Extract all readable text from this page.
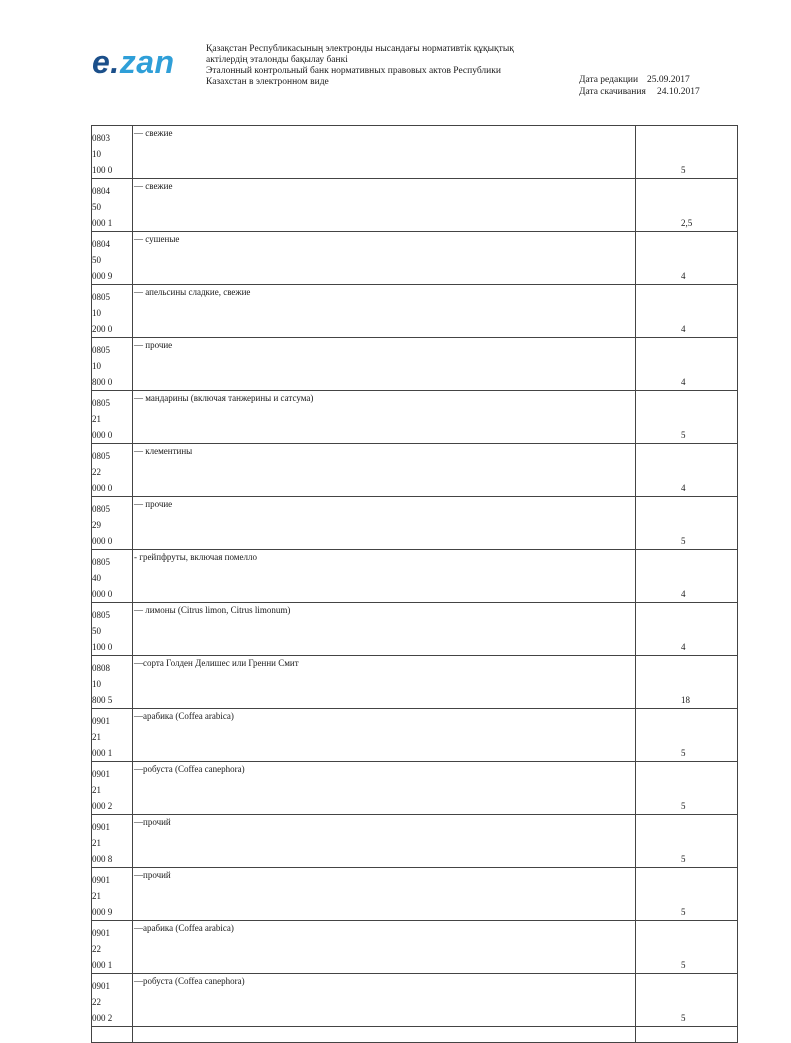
e.zan	Қазақстан Республикасының электронды нысандағы нормативтік құқықтық
актілердің эталонды бақылау банкі
Эталонный контрольный банк нормативных правовых актов Республики
Казахстан в электронном виде	Дата редакции 25.09.2017
Дата скачивания 24.10.2017
0803
10
100 0	— свежие	5

0804
50
000 1	— свежие	2,5

0804
50
000 9	— сушеные	4

0805
10
200 0	— апельсины сладкие, свежие	4

0805
10
800 0	— прочие	4

0805
21
000 0	— мандарины (включая танжерины и сатсума)	5

0805
22
000 0	— клементины	4

0805
29
000 0	— прочие	5

0805
40
000 0	- грейпфруты, включая помелло	4

0805
50
100 0	— лимоны (Citrus limon, Citrus limonum)	4

0808
10
800 5	—сорта Голден Делишес или Гренни Смит	18

0901
21
000 1	—арабика (Coffea arabica)	5

0901
21
000 2	—робуста (Coffea canephora)	5

0901
21
000 8	—прочий	5

0901
21
000 9	—прочий	5

0901
22
000 1	—арабика (Coffea arabica)	5

0901
22
000 2	—робуста (Coffea canephora)	5
